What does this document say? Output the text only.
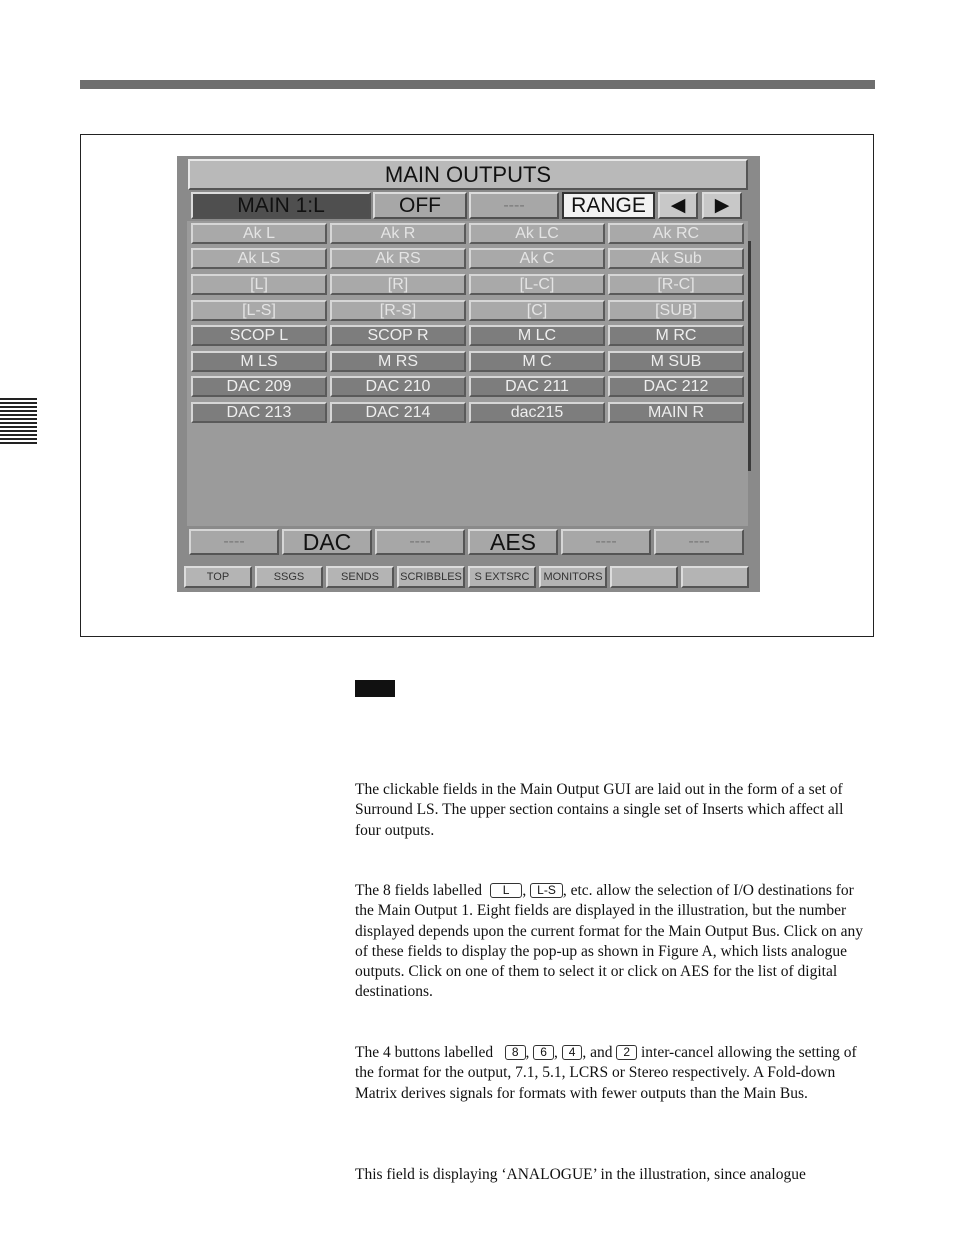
MAIN OUTPUTS
MAIN 1:L	OFF	----	RANGE	◀	▶
Ak L	Ak R	Ak LC	Ak RC
Ak LS	Ak RS	Ak C	Ak Sub
[L]	[R]	[L-C]	[R-C]
[L-S]	[R-S]	[C]	[SUB]
SCOP L	SCOP R	M LC	M RC
M LS	M RS	M C	M SUB
DAC 209	DAC 210	DAC 211	DAC 212
DAC 213	DAC 214	dac215	MAIN R
----	DAC	----	AES	----	----
TOP	SSGS	SENDS	SCRIBBLES	S EXTSRC	MONITORS

The clickable fields in the Main Output GUI are laid out in the form of a set of Surround LS. The upper section contains a single set of Inserts which affect all four outputs.

The 8 fields labelled L , L-S , etc. allow the selection of I/O destinations for the Main Output 1. Eight fields are displayed in the illustration, but the number displayed depends upon the current format for the Main Output Bus. Click on any of these fields to display the pop-up as shown in Figure A, which lists analogue outputs. Click on one of them to select it or click on AES for the list of digital destinations.

The 4 buttons labelled 8 , 6 , 4 , and 2 inter-cancel allowing the setting of the format for the output, 7.1, 5.1, LCRS or Stereo respectively. A Fold-down Matrix derives signals for formats with fewer outputs than the Main Bus.

This field is displaying ‘ANALOGUE’ in the illustration, since analogue
